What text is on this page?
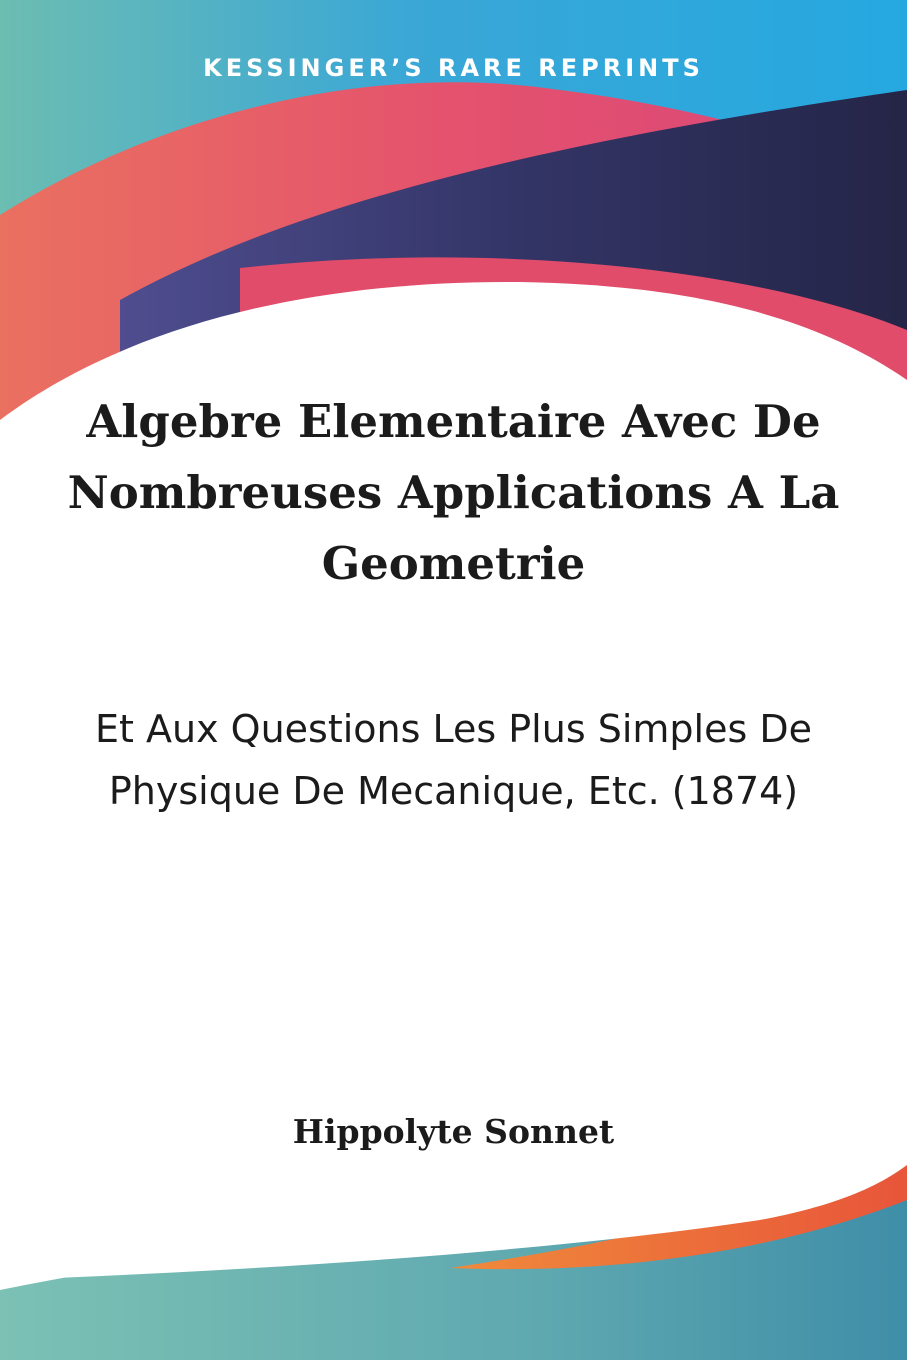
KESSINGER’S RARE REPRINTS
Algebre Elementaire Avec De Nombreuses Applications A La Geometrie

Et Aux Questions Les Plus Simples De Physique De Mecanique, Etc. (1874)

Hippolyte Sonnet
